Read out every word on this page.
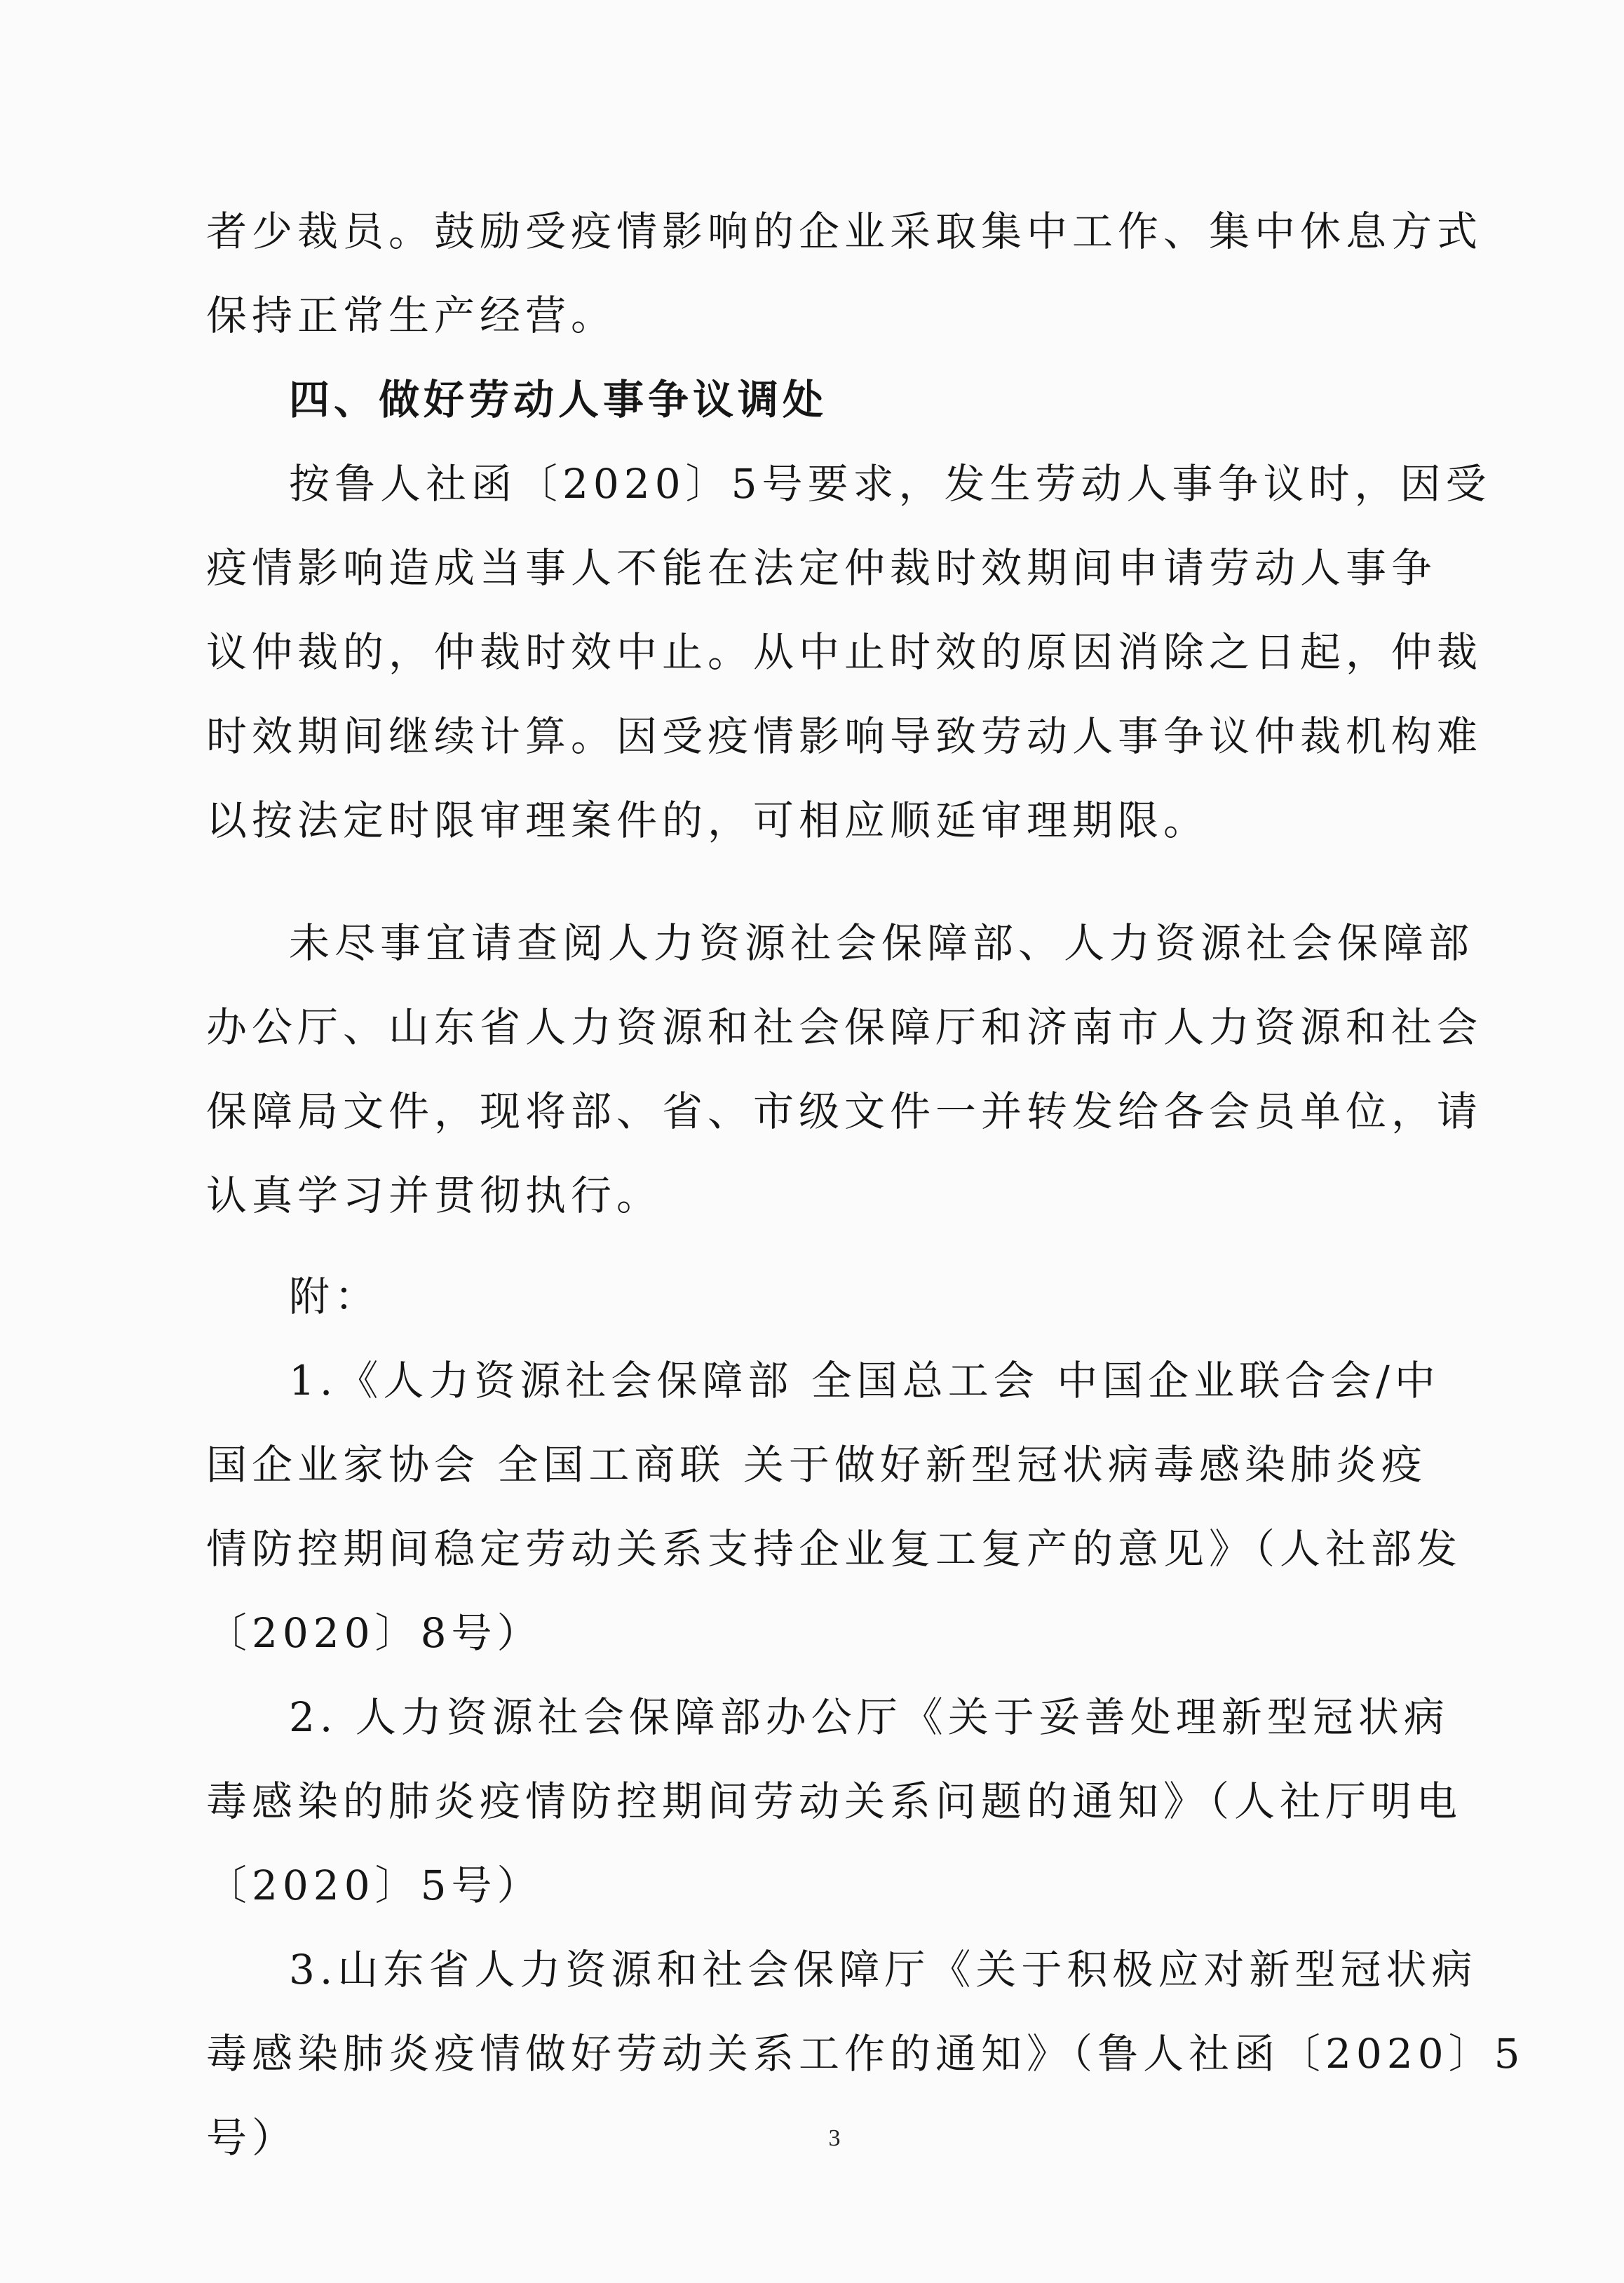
者少裁员。鼓励受疫情影响的企业采取集中工作、集中休息方式
保持正常生产经营。
四、做好劳动人事争议调处
按鲁人社函〔2020〕5号要求，发生劳动人事争议时，因受
疫情影响造成当事人不能在法定仲裁时效期间申请劳动人事争
议仲裁的，仲裁时效中止。从中止时效的原因消除之日起，仲裁
时效期间继续计算。因受疫情影响导致劳动人事争议仲裁机构难
以按法定时限审理案件的，可相应顺延审理期限。
未尽事宜请查阅人力资源社会保障部、人力资源社会保障部
办公厅、山东省人力资源和社会保障厅和济南市人力资源和社会
保障局文件，现将部、省、市级文件一并转发给各会员单位，请
认真学习并贯彻执行。
附：
1.《人力资源社会保障部 全国总工会 中国企业联合会/中
国企业家协会 全国工商联 关于做好新型冠状病毒感染肺炎疫
情防控期间稳定劳动关系支持企业复工复产的意见》（人社部发
〔2020〕8号）
2. 人力资源社会保障部办公厅《关于妥善处理新型冠状病
毒感染的肺炎疫情防控期间劳动关系问题的通知》（人社厅明电
〔2020〕5号）
3.山东省人力资源和社会保障厅《关于积极应对新型冠状病
毒感染肺炎疫情做好劳动关系工作的通知》（鲁人社函〔2020〕5
号）	3
